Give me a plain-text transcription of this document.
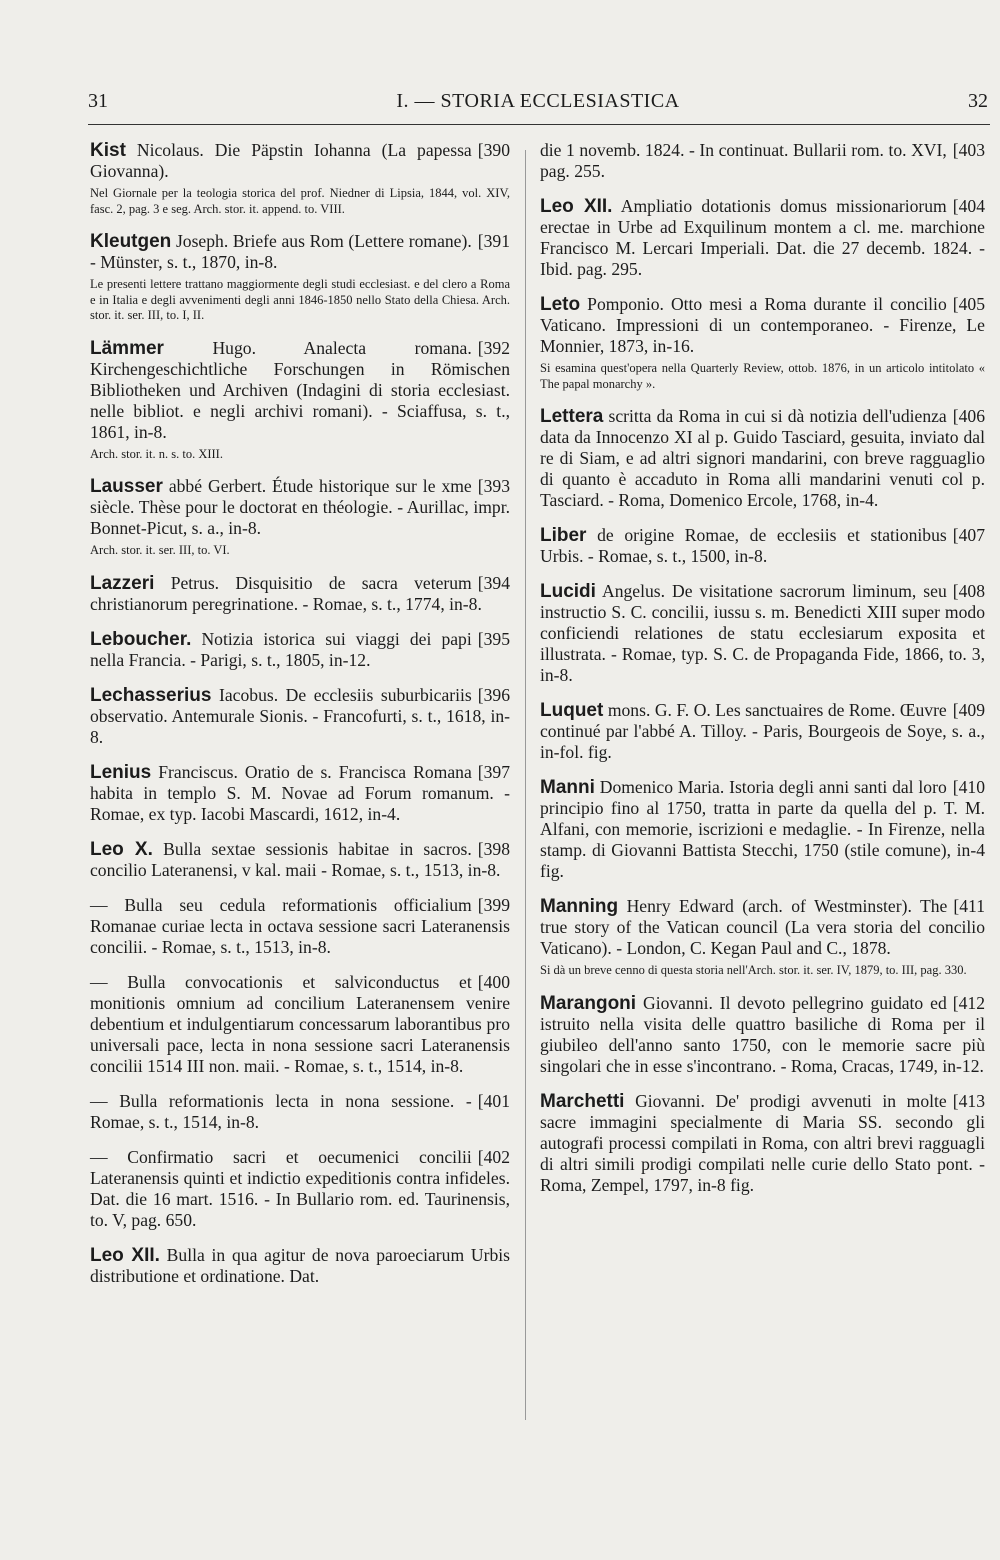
31	I. — STORIA ECCLESIASTICA	32
[390
Kist Nicolaus. Die Päpstin Iohanna (La papessa Giovanna).
Nel Giornale per la teologia storica del prof. Niedner di Lipsia, 1844, vol. XIV, fasc. 2, pag. 3 e seg. Arch. stor. it. append. to. VIII.
[391
Kleutgen Joseph. Briefe aus Rom (Lettere romane). - Münster, s. t., 1870, in-8.
Le presenti lettere trattano maggiormente degli studi ecclesiast. e del clero a Roma e in Italia e degli avvenimenti degli anni 1846-1850 nello Stato della Chiesa. Arch. stor. it. ser. III, to. I, II.
[392
Lämmer	Hugo. Analecta romana. Kirchengeschichtliche Forschungen in Römischen Bibliotheken und Archiven (Indagini di storia ecclesiast. nelle bibliot. e negli archivi romani). - Sciaffusa, s. t., 1861, in-8.
Arch. stor. it. n. s. to. XIII.
[393
Lausser abbé Gerbert. Étude historique sur le xme siècle. Thèse pour le doctorat en théologie. - Aurillac, impr. Bonnet-Picut, s. a., in-8.
Arch. stor. it. ser. III, to. VI.
[394
Lazzeri Petrus. Disquisitio de sacra veterum christianorum peregrinatione. - Romae, s. t., 1774, in-8.
[395
Leboucher. Notizia istorica sui viaggi dei papi nella Francia. - Parigi, s. t., 1805, in-12.
[396
Lechasserius Iacobus. De ecclesiis suburbicariis observatio. Antemurale Sionis. - Francofurti, s. t., 1618, in-8.
[397
Lenius Franciscus. Oratio de s. Francisca Romana habita in templo S. M. Novae ad Forum romanum. - Romae, ex typ. Iacobi Mascardi, 1612, in-4.
[398
Leo X. Bulla sextae sessionis habitae in sacros. concilio Lateranensi, v kal. maii - Romae, s. t., 1513, in-8.
[399
— Bulla seu cedula reformationis officialium Romanae curiae lecta in octava sessione sacri Lateranensis concilii. - Romae, s. t., 1513, in-8.
[400
— Bulla convocationis et salviconductus et monitionis omnium ad concilium Lateranensem venire debentium et indulgentiarum concessarum laborantibus pro universali pace, lecta in nona sessione sacri Lateranensis concilii 1514 III non. maii. - Romae, s. t., 1514, in-8.
[401
— Bulla reformationis lecta in nona sessione. - Romae, s. t., 1514, in-8.
[402
— Confirmatio sacri et oecumenici concilii Lateranensis quinti et indictio expeditionis contra infideles. Dat. die 16 mart. 1516. - In Bullario rom. ed. Taurinensis, to. V, pag. 650.
Leo XII. Bulla in qua agitur de nova paroeciarum Urbis distributione et ordinatione. Dat.
[403
die 1 novemb. 1824. - In continuat. Bullarii rom. to. XVI, pag. 255.
[404
Leo XII. Ampliatio dotationis domus missionariorum erectae in Urbe ad Exquilinum montem a cl. me. marchione Francisco M. Lercari Imperiali. Dat. die 27 decemb. 1824. - Ibid. pag. 295.
[405
Leto Pomponio. Otto mesi a Roma durante il concilio Vaticano. Impressioni di un contemporaneo. - Firenze, Le Monnier, 1873, in-16.
Si esamina quest'opera nella Quarterly Review, ottob. 1876, in un articolo intitolato « The papal monarchy ».
[406
Lettera scritta da Roma in cui si dà notizia dell'udienza data da Innocenzo XI al p. Guido Tasciard, gesuita, inviato dal re di Siam, e ad altri signori mandarini, con breve ragguaglio di quanto è accaduto in Roma alli mandarini venuti col p. Tasciard. - Roma, Domenico Ercole, 1768, in-4.
[407
Liber de origine Romae, de ecclesiis et stationibus Urbis. - Romae, s. t., 1500, in-8.
[408
Lucidi Angelus. De visitatione sacrorum liminum, seu instructio S. C. concilii, iussu s. m. Benedicti XIII super modo conficiendi relationes de statu ecclesiarum exposita et illustrata. - Romae, typ. S. C. de Propaganda Fide, 1866, to. 3, in-8.
[409
Luquet mons. G. F. O. Les sanctuaires de Rome. Œuvre continué par l'abbé A. Tilloy. - Paris, Bourgeois de Soye, s. a., in-fol. fig.
[410
Manni Domenico Maria. Istoria degli anni santi dal loro principio fino al 1750, tratta in parte da quella del p. T. M. Alfani, con memorie, iscrizioni e medaglie. - In Firenze, nella stamp. di Giovanni Battista Stecchi, 1750 (stile comune), in-4 fig.
[411
Manning Henry Edward (arch. of Westminster). The true story of the Vatican council (La vera storia del concilio Vaticano). - London, C. Kegan Paul and C., 1878.
Si dà un breve cenno di questa storia nell'Arch. stor. it. ser. IV, 1879, to. III, pag. 330.
[412
Marangoni Giovanni. Il devoto pellegrino guidato ed istruito nella visita delle quattro basiliche di Roma per il giubileo dell'anno santo 1750, con le memorie sacre più singolari che in esse s'incontrano. - Roma, Cracas, 1749, in-12.
[413
Marchetti Giovanni. De' prodigi avvenuti in molte sacre immagini specialmente di Maria SS. secondo gli autografi processi compilati in Roma, con altri brevi ragguagli di altri simili prodigi compilati nelle curie dello Stato pont. - Roma, Zempel, 1797, in-8 fig.
